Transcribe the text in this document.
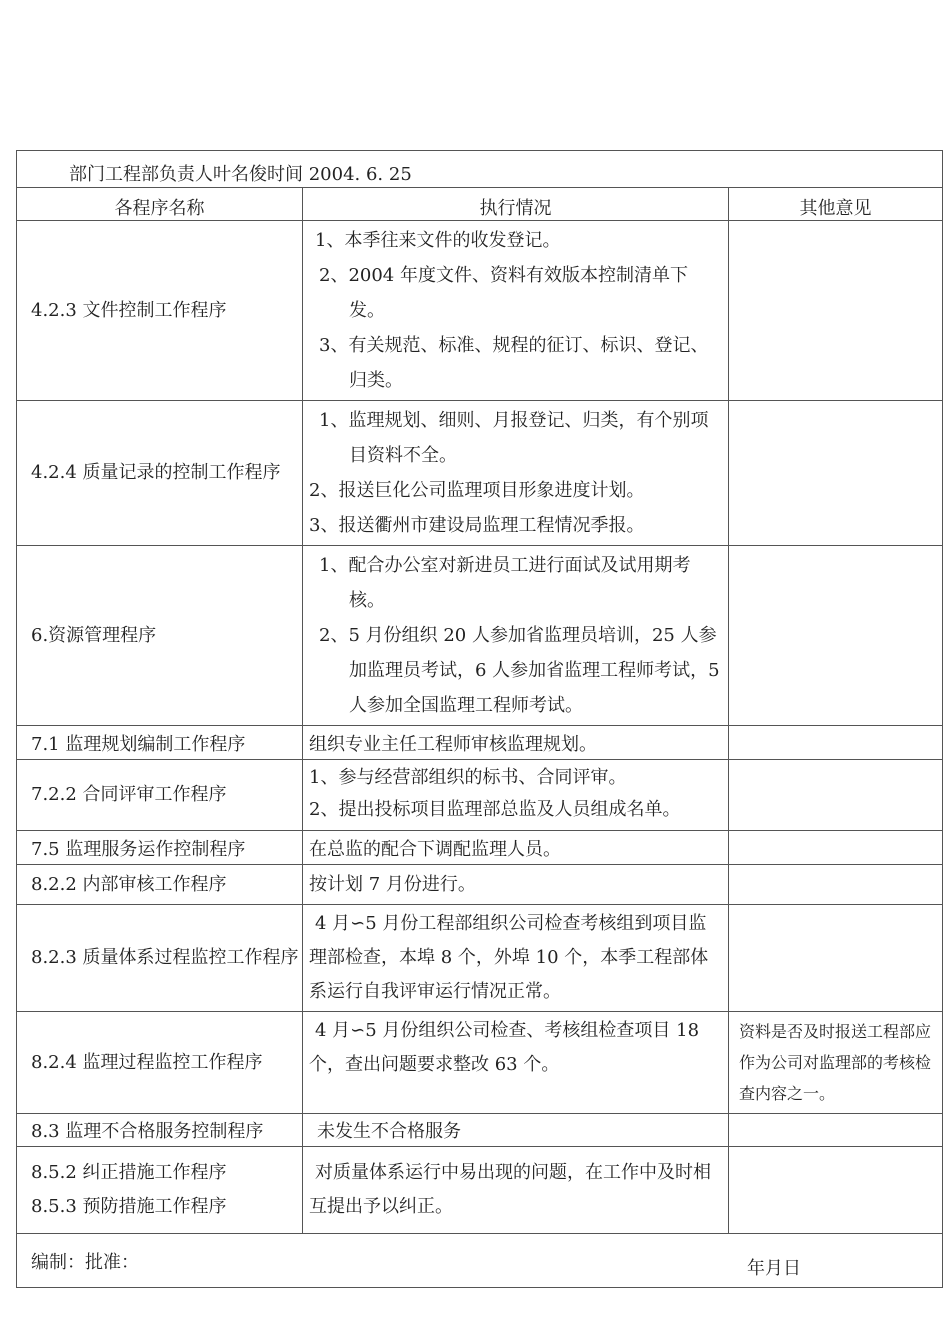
部门工程部负责人叶名俊时间 2004. 6. 25		
各程序名称	执行情况	其他意见
4.2.3 文件控制工作程序	1、本季往来文件的收发登记。
2、2004 年度文件、资料有效版本控制清单下发。
3、有关规范、标准、规程的征订、标识、登记、归类。	

4.2.4 质量记录的控制工作程序	1、监理规划、细则、月报登记、归类，有个别项目资料不全。
2、报送巨化公司监理项目形象进度计划。
3、报送衢州市建设局监理工程情况季报。	

6.资源管理程序	1、配合办公室对新进员工进行面试及试用期考核。
2、5 月份组织 20 人参加省监理员培训，25 人参加监理员考试，6 人参加省监理工程师考试，5 人参加全国监理工程师考试。	

7.1 监理规划编制工作程序	组织专业主任工程师审核监理规划。	

7.2.2 合同评审工作程序	1、参与经营部组织的标书、合同评审。
2、提出投标项目监理部总监及人员组成名单。	

7.5 监理服务运作控制程序	在总监的配合下调配监理人员。	

8.2.2 内部审核工作程序	按计划 7 月份进行。	

8.2.3 质量体系过程监控工作程序	4 月∽5 月份工程部组织公司检查考核组到项目监理部检查，本埠 8 个，外埠 10 个，本季工程部体系运行自我评审运行情况正常。	

8.2.4 监理过程监控工作程序	4 月∽5 月份组织公司检查、考核组检查项目 18 个，查出问题要求整改 63 个。	资料是否及时报送工程部应作为公司对监理部的考核检查内容之一。
8.3 监理不合格服务控制程序	未发生不合格服务	

8.5.2 纠正措施工作程序
8.5.3 预防措施工作程序	对质量体系运行中易出现的问题，在工作中及时相互提出予以纠正。	

编制：批准：			年月日
